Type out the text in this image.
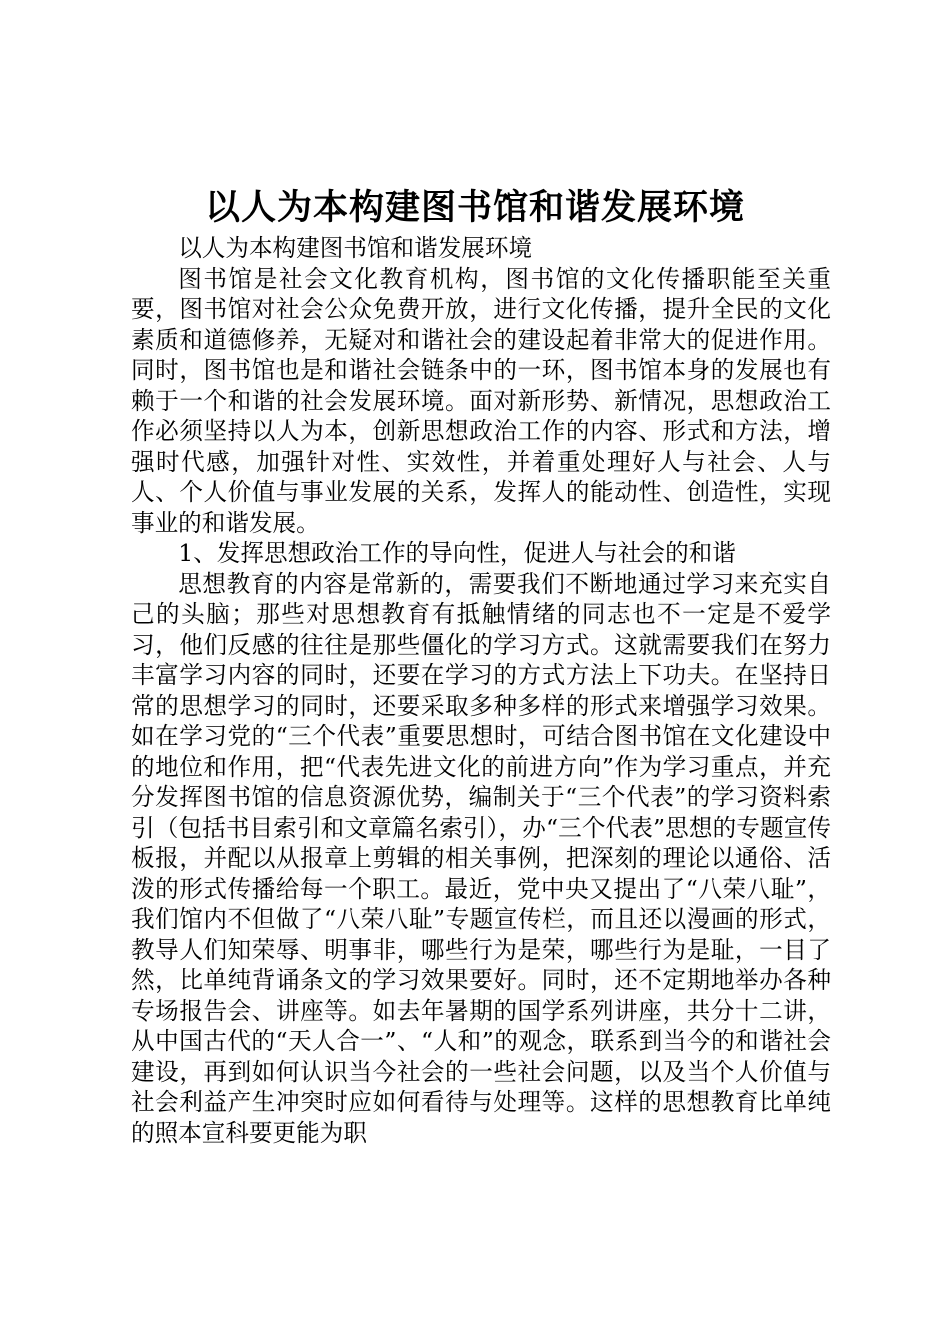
以人为本构建图书馆和谐发展环境

以人为本构建图书馆和谐发展环境

图书馆是社会文化教育机构，图书馆的文化传播职能至关重要，图书馆对社会公众免费开放，进行文化传播，提升全民的文化素质和道德修养，无疑对和谐社会的建设起着非常大的促进作用。同时，图书馆也是和谐社会链条中的一环，图书馆本身的发展也有赖于一个和谐的社会发展环境。面对新形势、新情况，思想政治工作必须坚持以人为本，创新思想政治工作的内容、形式和方法，增强时代感，加强针对性、实效性，并着重处理好人与社会、人与人、个人价值与事业发展的关系，发挥人的能动性、创造性，实现事业的和谐发展。

1、发挥思想政治工作的导向性，促进人与社会的和谐

思想教育的内容是常新的，需要我们不断地通过学习来充实自己的头脑；那些对思想教育有抵触情绪的同志也不一定是不爱学习，他们反感的往往是那些僵化的学习方式。这就需要我们在努力丰富学习内容的同时，还要在学习的方式方法上下功夫。在坚持日常的思想学习的同时，还要采取多种多样的形式来增强学习效果。如在学习党的“三个代表”重要思想时，可结合图书馆在文化建设中的地位和作用，把“代表先进文化的前进方向”作为学习重点，并充分发挥图书馆的信息资源优势，编制关于“三个代表”的学习资料索引（包括书目索引和文章篇名索引），办“三个代表”思想的专题宣传板报，并配以从报章上剪辑的相关事例，把深刻的理论以通俗、活泼的形式传播给每一个职工。最近，党中央又提出了“八荣八耻”，我们馆内不但做了“八荣八耻”专题宣传栏，而且还以漫画的形式，教导人们知荣辱、明事非，哪些行为是荣，哪些行为是耻，一目了然，比单纯背诵条文的学习效果要好。同时，还不定期地举办各种专场报告会、讲座等。如去年暑期的国学系列讲座，共分十二讲，从中国古代的“天人合一”、“人和”的观念，联系到当今的和谐社会建设，再到如何认识当今社会的一些社会问题，以及当个人价值与社会利益产生冲突时应如何看待与处理等。这样的思想教育比单纯的照本宣科要更能为职
